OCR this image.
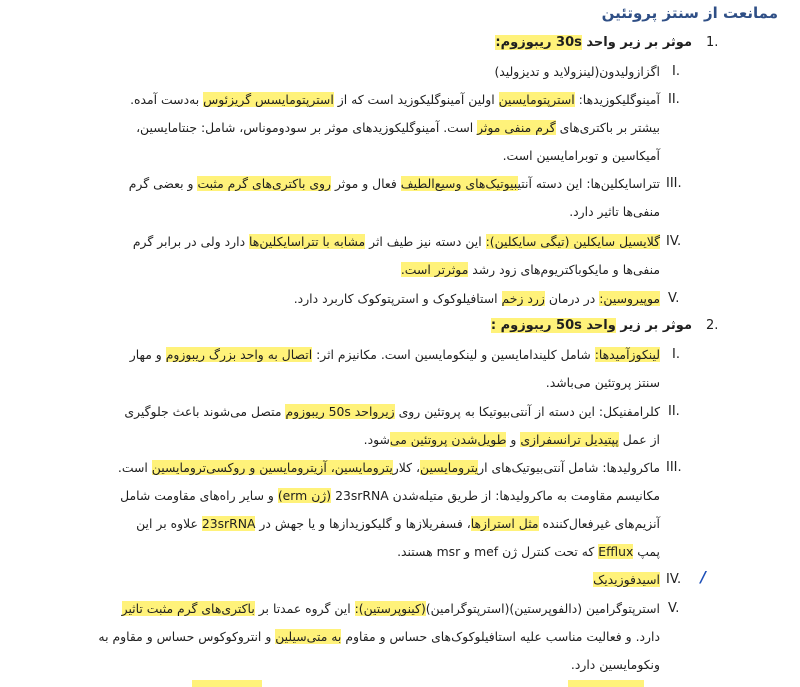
ممانعت از سنتز پروتئین
1.
موثر بر زیر واحد 30s ریبوزوم:
I.
اگزازولیدون(لینزولاید و تدیزولید)
II.
آمینوگلیکوزیدها: استرپتومایسین اولین آمینوگلیکوزید است که از استرپتومایسس گریزئوس به‌دست آمده.
بیشتر بر باکتری‌های گرم منفی موثر است. آمینوگلیکوزیدهای موثر بر سودومونا‌س، شامل: جنتامایسین،
آمیکاسین و توبرامایسین است.
III.
تتراسایکلین‌ها: این دسته آنتیبیوتیک‌های وسیع‌الطیف فعال و موثر روی باکتری‌های گرم مثبت و بعضی گرم
منفی‌ها تاثیر دارد.
IV.
گلایسیل سایکلین (تیگی سایکلین): این دسته نیز طیف اثر مشابه با تتراسایکلین‌ها دارد ولی در برابر گرم
منفی‌ها و مایکوباکتریوم‌های زود رشد موثرتر است.
V.
موپیروسین: در درمان زرد زخم استافیلوکوک و استرپتوکوک کاربرد دارد.
2.
موثر بر زیر واحد 50s ریبوزوم :
I.
لینکوزآمیدها: شامل کلیندامایسین و لینکومایسین است. مکانیزم اثر: اتصال به واحد بزرگ ریبوزوم و مهار
سنتز پروتئین می‌باشد.
II.
کلرامفنیکل: این دسته از آنتی‌بیوتیکا به پروتئین روی زیرواحد 50s ریبوزوم متصل می‌شوند باعث جلوگیری
از عمل پپتیدیل ترانسفرازی و طویل‌شدن پروتئین می‌شود.
III.
ماکرولیدها: شامل آنتی‌بیوتیک‌های اریترومایسین، کلاریترومایسین، آزیترومایسین و روکسی‌ترومایسین است.
مکانیسم مقاومت به ماکرولیدها: از طریق متیله‌شدن 23srRNA (ژن erm) و سایر راه‌های مقاومت شامل
آنزیم‌های غیرفعال‌کننده مثل استرازها، فسفریلازها و گلیکوزیدازها و یا جهش در 23srRNA علاوه بر این
پمپ Efflux که تحت کنترل ژن mef و msr هستند.
/
IV.
اسیدفوزیدیک
V.
استرپتوگرامین (دالفوپرستین)(استرپتوگرامین)(کینوپرستین): این گروه عمدتا بر باکتری‌های گرم مثبت تاثیر
دارد. و فعالیت مناسب علیه استافیلوکوک‌های حساس و مقاوم به متی‌سیلین و انتروکوکوس حساس و مقاوم به
ونکومایسین دارد.
